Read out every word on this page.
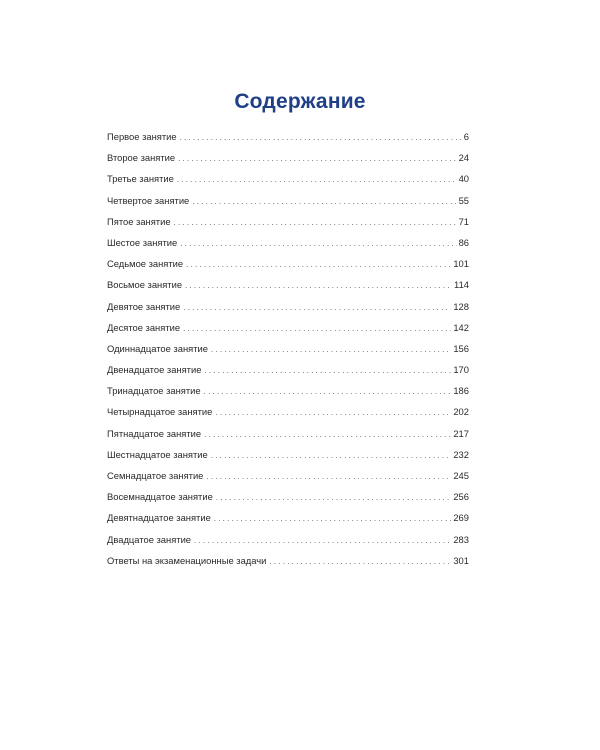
Содержание
Первое занятие . . .	6
Второе занятие . . .	24
Третье занятие . . .	40
Четвертое занятие . . .	55
Пятое занятие . . .	71
Шестое занятие . . .	86
Седьмое занятие . . .	101
Восьмое занятие . . .	114
Девятое занятие . . .	128
Десятое занятие . . .	142
Одиннадцатое занятие . . .	156
Двенадцатое занятие . . .	170
Тринадцатое занятие . . .	186
Четырнадцатое занятие . . .	202
Пятнадцатое занятие . . .	217
Шестнадцатое занятие . . .	232
Семнадцатое занятие . . .	245
Восемнадцатое занятие . . .	256
Девятнадцатое занятие . . .	269
Двадцатое занятие . . .	283
Ответы на экзаменационные задачи . . .	301
